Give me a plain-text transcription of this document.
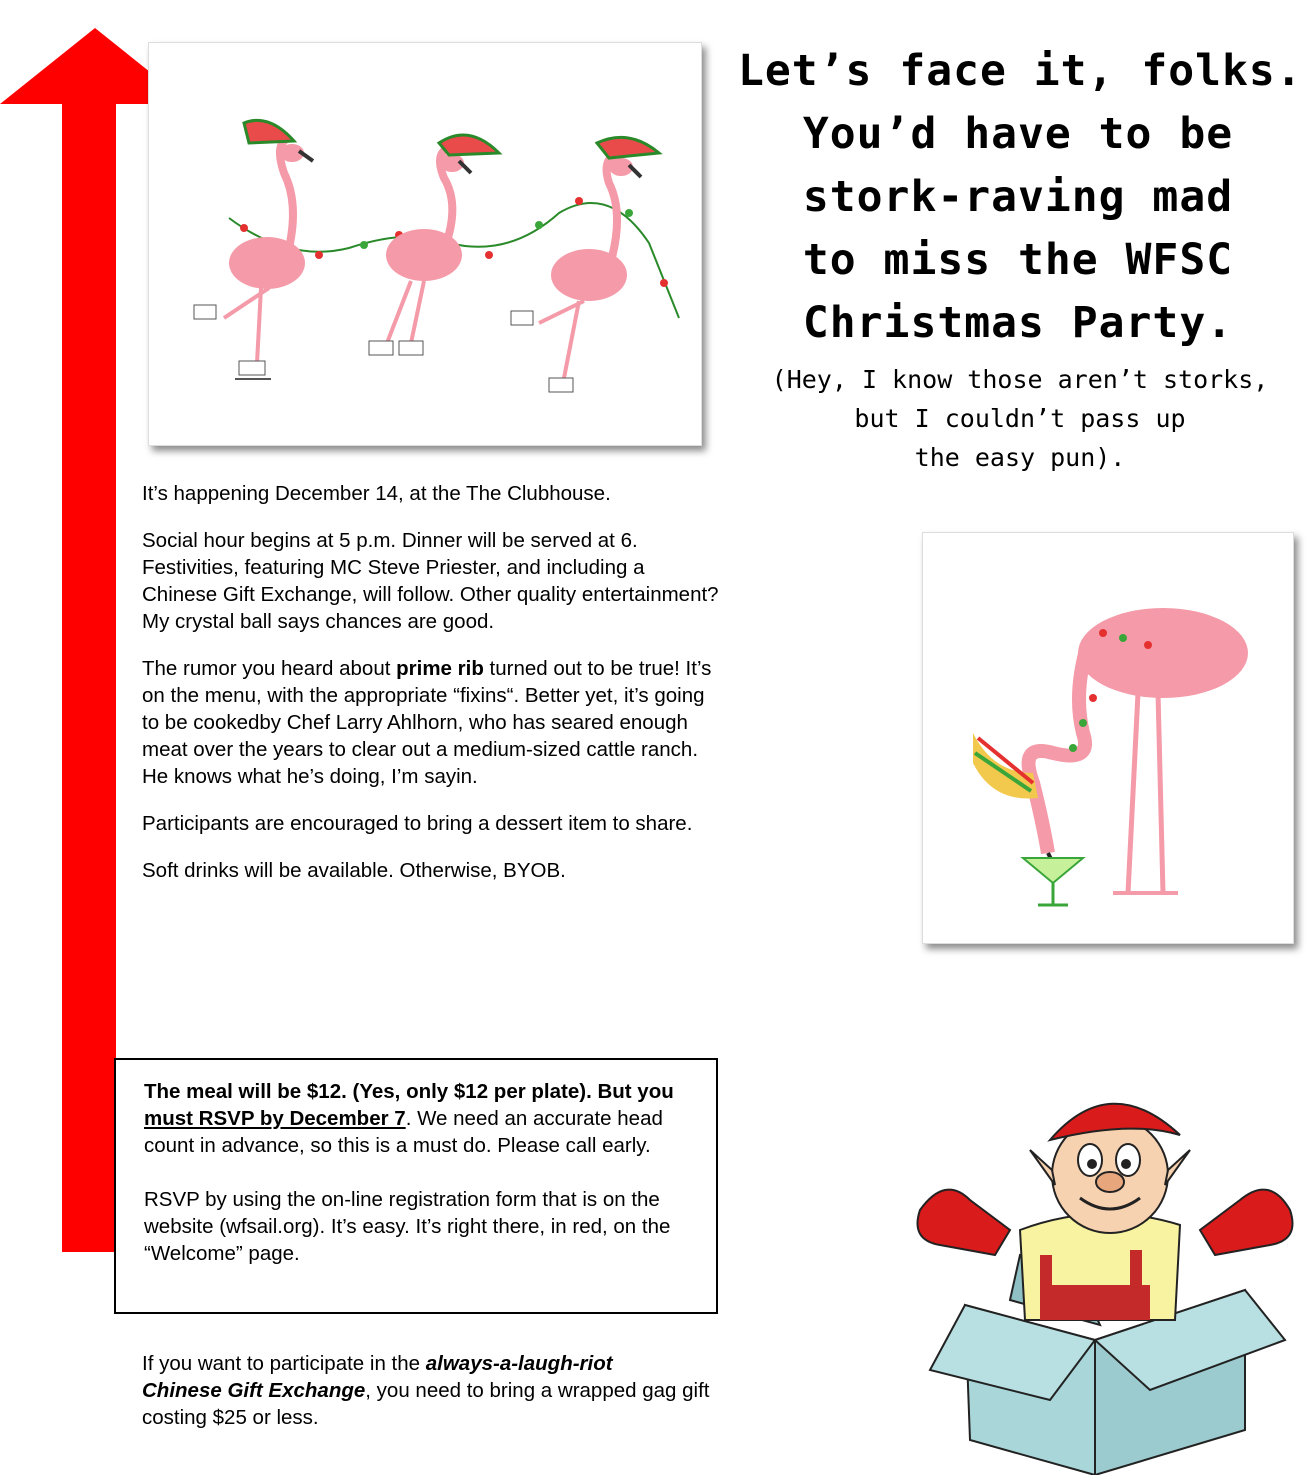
Let’s face it, folks.
You’d have to be
stork-raving mad
to miss the WFSC
Christmas Party.
(Hey, I know those aren’t storks,
but I couldn’t pass up
the easy pun).

It’s happening December 14, at the The Clubhouse.

Social hour begins at 5 p.m. Dinner will be served at 6. Festivities, featuring MC Steve Priester, and including a Chinese Gift Exchange, will follow. Other quality entertainment? My crystal ball says chances are good.

The rumor you heard about prime rib turned out to be true! It’s on the menu, with the appropriate “fixins“. Better yet, it’s going to be cookedby Chef Larry Ahlhorn, who has seared enough meat over the years to clear out a medium-sized cattle ranch. He knows what he’s doing, I’m sayin.

Participants are encouraged to bring a dessert item to share.

Soft drinks will be available. Otherwise, BYOB.

The meal will be $12. (Yes, only $12 per plate). But you must RSVP by December 7. We need an accurate head count in advance, so this is a must do. Please call early.

RSVP by using the on-line registration form that is on the website (wfsail.org). It’s easy. It’s right there, in red, on the “Welcome” page.

If you want to participate in the always-a-laugh-riot
Chinese Gift Exchange, you need to bring a wrapped gag gift costing $25 or less.
